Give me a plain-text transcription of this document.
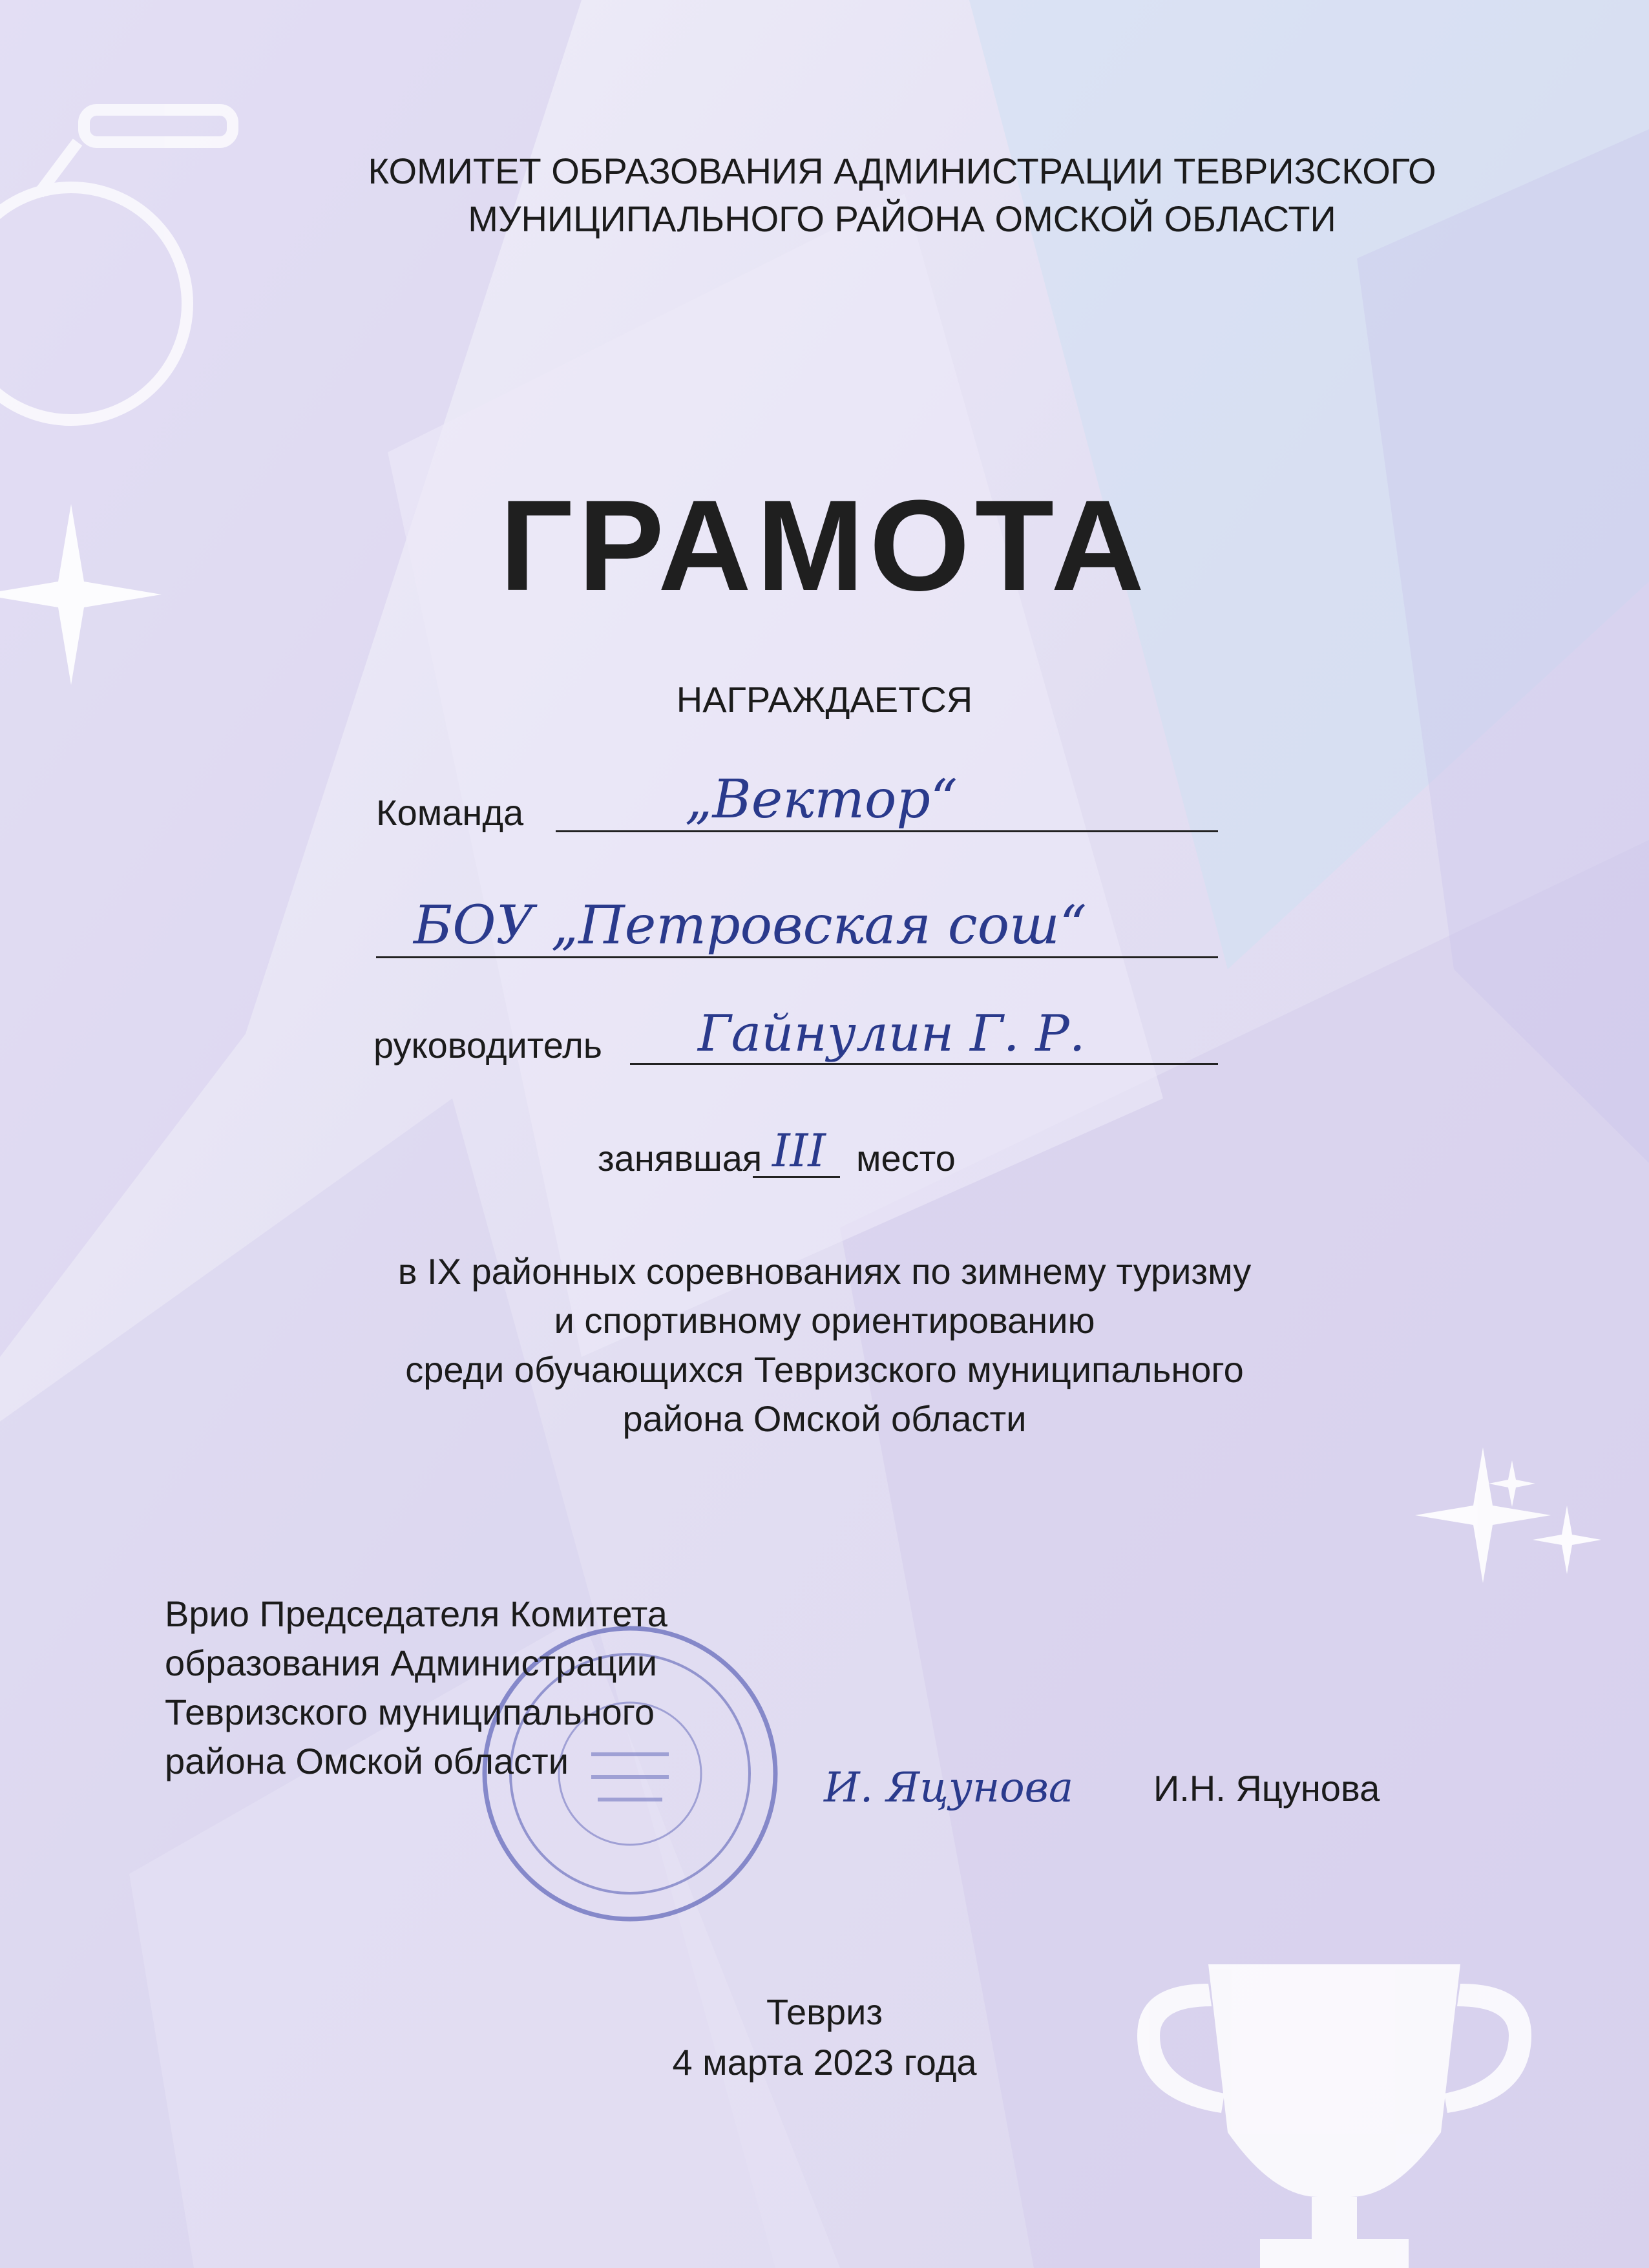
КОМИТЕТ ОБРАЗОВАНИЯ АДМИНИСТРАЦИИ ТЕВРИЗСКОГО
МУНИЦИПАЛЬНОГО РАЙОНА ОМСКОЙ ОБЛАСТИ
ГРАМОТА
НАГРАЖДАЕТСЯ
Команда	„Вектор“
БОУ „Петровская сош“
руководитель Гайнулин Г. Р.
занявшая III место
в IX районных соревнованиях по зимнему туризму
и спортивному ориентированию
среди обучающихся Тевризского муниципального
района Омской области
Врио Председателя Комитета
образования Администрации
Тевризского муниципального
района Омской области
И. Яцунова И.Н. Яцунова
Тевриз
4 марта 2023 года
